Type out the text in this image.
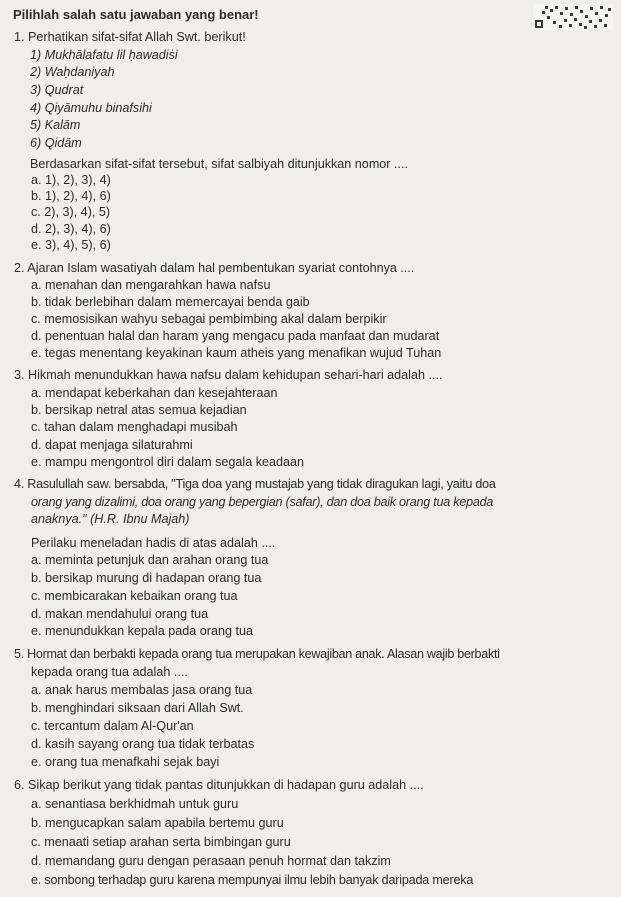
Pilihlah salah satu jawaban yang benar!
1. Perhatikan sifat-sifat Allah Swt. berikut!
1) Mukhālafatu lil ḥawadiṡi
2) Waḥdaniyah
3) Qudrat
4) Qiyāmuhu binafsihi
5) Kalām
6) Qidām
Berdasarkan sifat-sifat tersebut, sifat salbiyah ditunjukkan nomor ....
a. 1), 2), 3), 4)
b. 1), 2), 4), 6)
c. 2), 3), 4), 5)
d. 2), 3), 4), 6)
e. 3), 4), 5), 6)
2. Ajaran Islam wasatiyah dalam hal pembentukan syariat contohnya ....
a. menahan dan mengarahkan hawa nafsu
b. tidak berlebihan dalam memercayai benda gaib
c. memosisikan wahyu sebagai pembimbing akal dalam berpikir
d. penentuan halal dan haram yang mengacu pada manfaat dan mudarat
e. tegas menentang keyakinan kaum atheis yang menafikan wujud Tuhan
3. Hikmah menundukkan hawa nafsu dalam kehidupan sehari-hari adalah ....
a. mendapat keberkahan dan kesejahteraan
b. bersikap netral atas semua kejadian
c. tahan dalam menghadapi musibah
d. dapat menjaga silaturahmi
e. mampu mengontrol diri dalam segala keadaan
4. Rasulullah saw. bersabda, "Tiga doa yang mustajab yang tidak diragukan lagi, yaitu doa
orang yang dizalimi, doa orang yang bepergian (safar), dan doa baik orang tua kepada
anaknya." (H.R. Ibnu Majah)
Perilaku meneladan hadis di atas adalah ....
a. meminta petunjuk dan arahan orang tua
b. bersikap murung di hadapan orang tua
c. membicarakan kebaikan orang tua
d. makan mendahului orang tua
e. menundukkan kepala pada orang tua
5. Hormat dan berbakti kepada orang tua merupakan kewajiban anak. Alasan wajib berbakti
kepada orang tua adalah ....
a. anak harus membalas jasa orang tua
b. menghindari siksaan dari Allah Swt.
c. tercantum dalam Al-Qur'an
d. kasih sayang orang tua tidak terbatas
e. orang tua menafkahi sejak bayi
6. Sikap berikut yang tidak pantas ditunjukkan di hadapan guru adalah ....
a. senantiasa berkhidmah untuk guru
b. mengucapkan salam apabila bertemu guru
c. menaati setiap arahan serta bimbingan guru
d. memandang guru dengan perasaan penuh hormat dan takzim
e. sombong terhadap guru karena mempunyai ilmu lebih banyak daripada mereka
